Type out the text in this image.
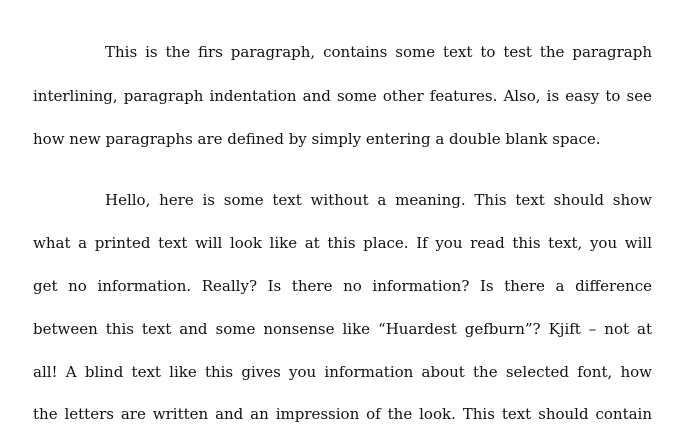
This is the firs paragraph, contains some text to test the paragraph
interlining, paragraph indentation and some other features. Also, is easy to see
how new paragraphs are defined by simply entering a double blank space.
Hello, here is some text without a meaning. This text should show
what a printed text will look like at this place. If you read this text, you will
get no information. Really? Is there no information? Is there a difference
between this text and some nonsense like “Huardest gefburn”? Kjift – not at
all! A blind text like this gives you information about the selected font, how
the letters are written and an impression of the look. This text should contain
